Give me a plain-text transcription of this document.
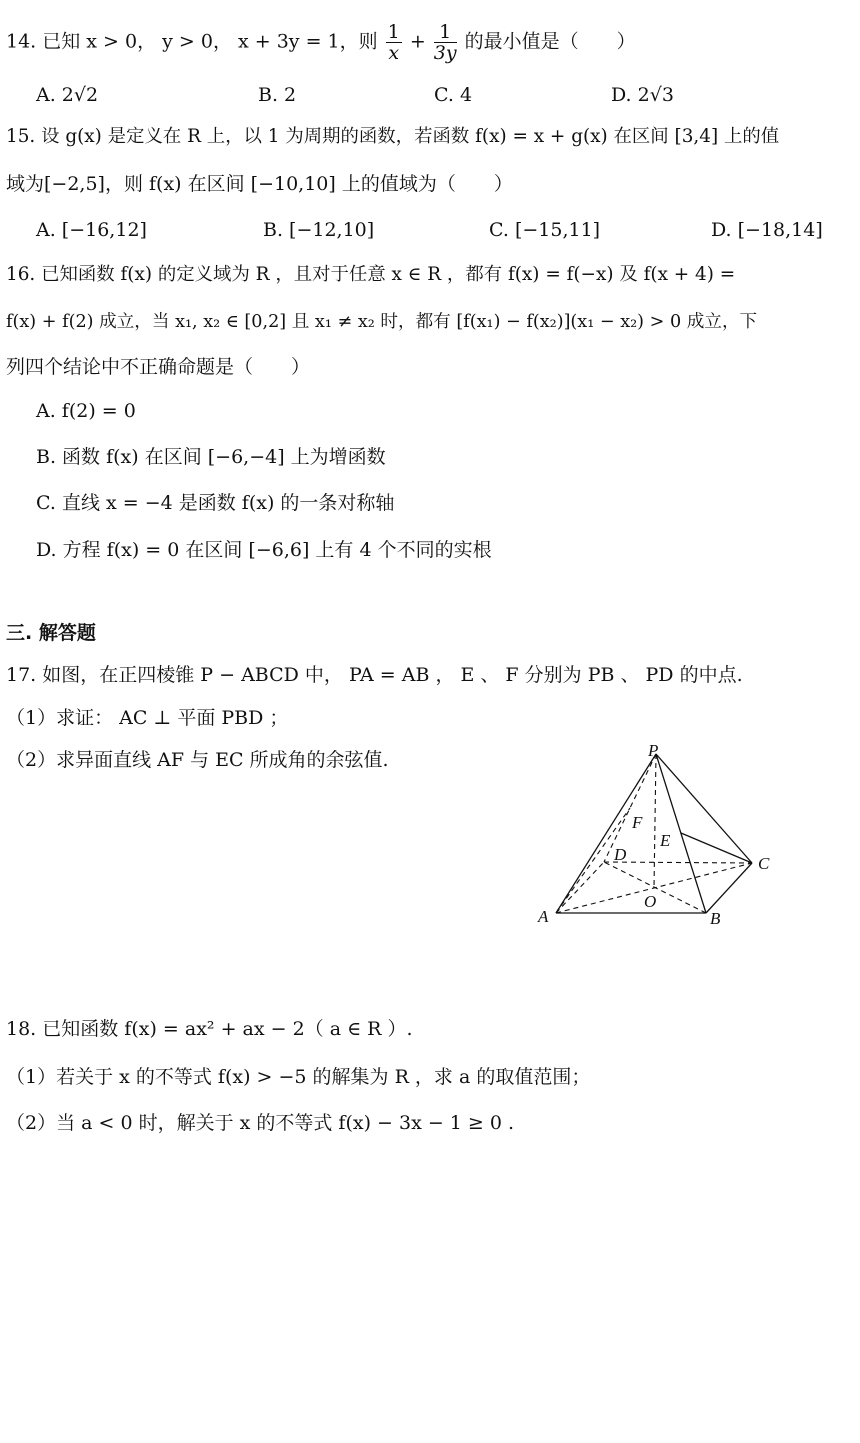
14. 已知 x > 0， y > 0， x + 3y = 1，则 $\frac{1}{x} + \frac{1}{3y}$ 的最小值是（　　）
A. 2√2	B. 2	C. 4	D. 2√3
15. 设 g(x) 是定义在 R 上，以 1 为周期的函数，若函数 f(x) = x + g(x) 在区间 [3,4] 上的值
域为[−2,5]，则 f(x) 在区间 [−10,10] 上的值域为（　　）
A. [−16,12]	B. [−12,10]	C. [−15,11]	D. [−18,14]
16. 已知函数 f(x) 的定义域为 R ，且对于任意 x ∈ R ，都有 f(x) = f(−x) 及 f(x + 4) =
f(x) + f(2) 成立，当 x₁, x₂ ∈ [0,2] 且 x₁ ≠ x₂ 时，都有 [f(x₁) − f(x₂)](x₁ − x₂) > 0 成立，下
列四个结论中不正确命题是（　　）
A. f(2) = 0
B. 函数 f(x) 在区间 [−6,−4] 上为增函数
C. 直线 x = −4 是函数 f(x) 的一条对称轴
D. 方程 f(x) = 0 在区间 [−6,6] 上有 4 个不同的实根
三. 解答题
17. 如图，在正四棱锥 P − ABCD 中， PA = AB ， E 、 F 分别为 PB 、 PD 的中点.
（1）求证： AC ⊥ 平面 PBD ；
（2）求异面直线 AF 与 EC 所成角的余弦值.	P
A	B
C
D
E
F
O
18. 已知函数 f(x) = ax² + ax − 2（ a ∈ R ）.
（1）若关于 x 的不等式 f(x) > −5 的解集为 R ，求 a 的取值范围；
（2）当 a < 0 时，解关于 x 的不等式 f(x) − 3x − 1 ≥ 0 .
